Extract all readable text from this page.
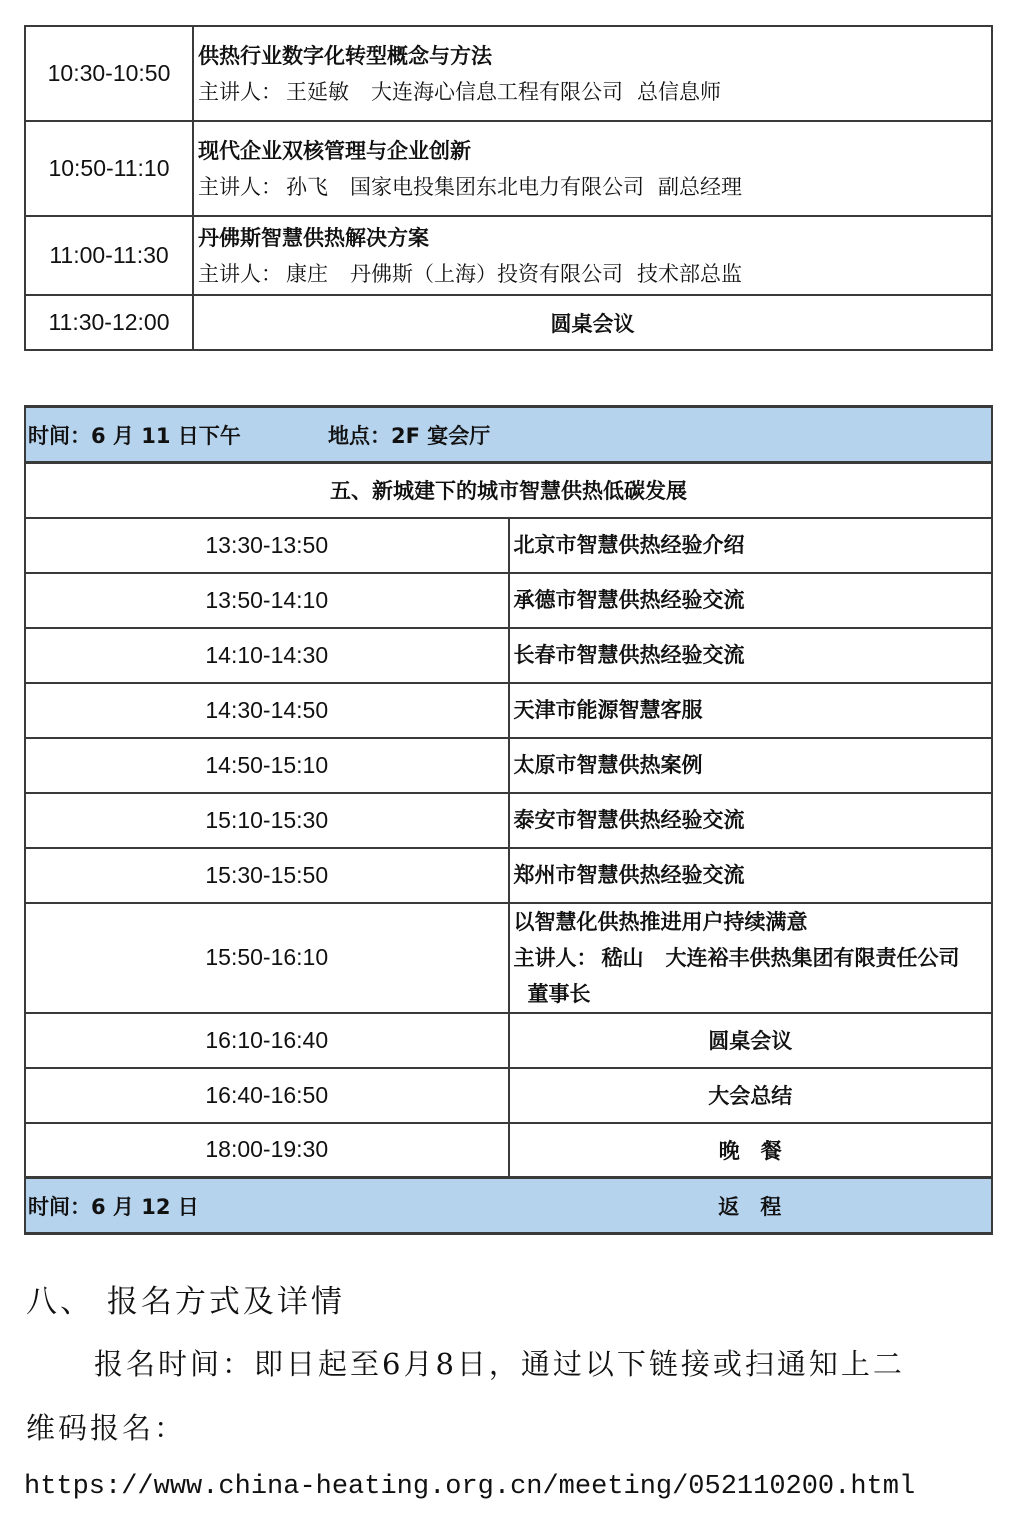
10:30-10:50	供热行业数字化转型概念与方法
主讲人： 王延敏 大连海心信息工程有限公司 总信息师

10:50-11:10	现代企业双核管理与企业创新
主讲人： 孙飞 国家电投集团东北电力有限公司 副总经理

11:00-11:30	丹佛斯智慧供热解决方案
主讲人： 康庄 丹佛斯（上海）投资有限公司 技术部总监

11:30-12:00	圆桌会议
时间：6 月 11 日下午 地点：2F 宴会厅	
五、新城建下的城市智慧供热低碳发展	
13:30-13:50	北京市智慧供热经验介绍

13:50-14:10	承德市智慧供热经验交流

14:10-14:30	长春市智慧供热经验交流

14:30-14:50	天津市能源智慧客服

14:50-15:10	太原市智慧供热案例

15:10-15:30	泰安市智慧供热经验交流

15:30-15:50	郑州市智慧供热经验交流

15:50-16:10	以智慧化供热推进用户持续满意
主讲人： 嵇山 大连裕丰供热集团有限责任公司董事长

16:10-16:40	圆桌会议
16:40-16:50	大会总结
18:00-19:30	晚　餐
时间：6 月 12 日	返　程
八、 报名方式及详情
报名时间：即日起至6月8日，通过以下链接或扫通知上二
维码报名：
https://www.china-heating.org.cn/meeting/052110200.html
